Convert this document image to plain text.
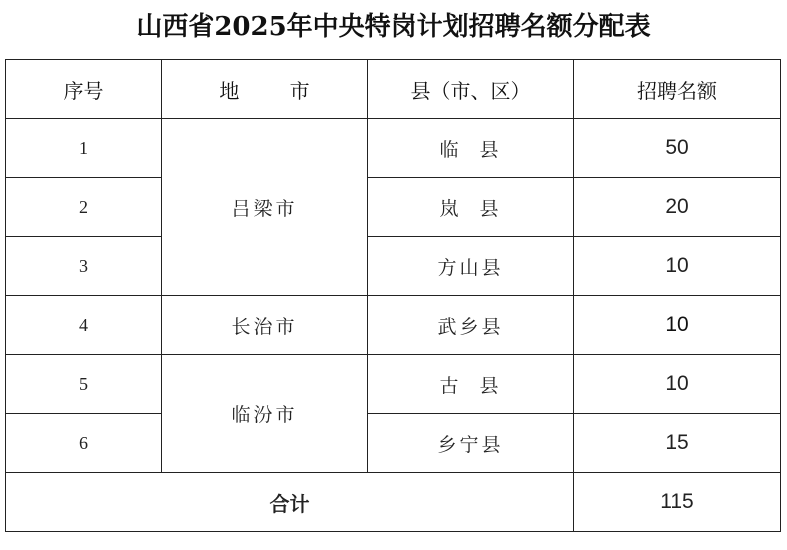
山西省2025年中央特岗计划招聘名额分配表
序号	地 市	县（市、区）	招聘名额
1	吕梁市	临  县	50
2		岚  县	20
3		方山县	10
4	长治市	武乡县	10
5	临汾市	古  县	10
6		乡宁县	15
合计			115
